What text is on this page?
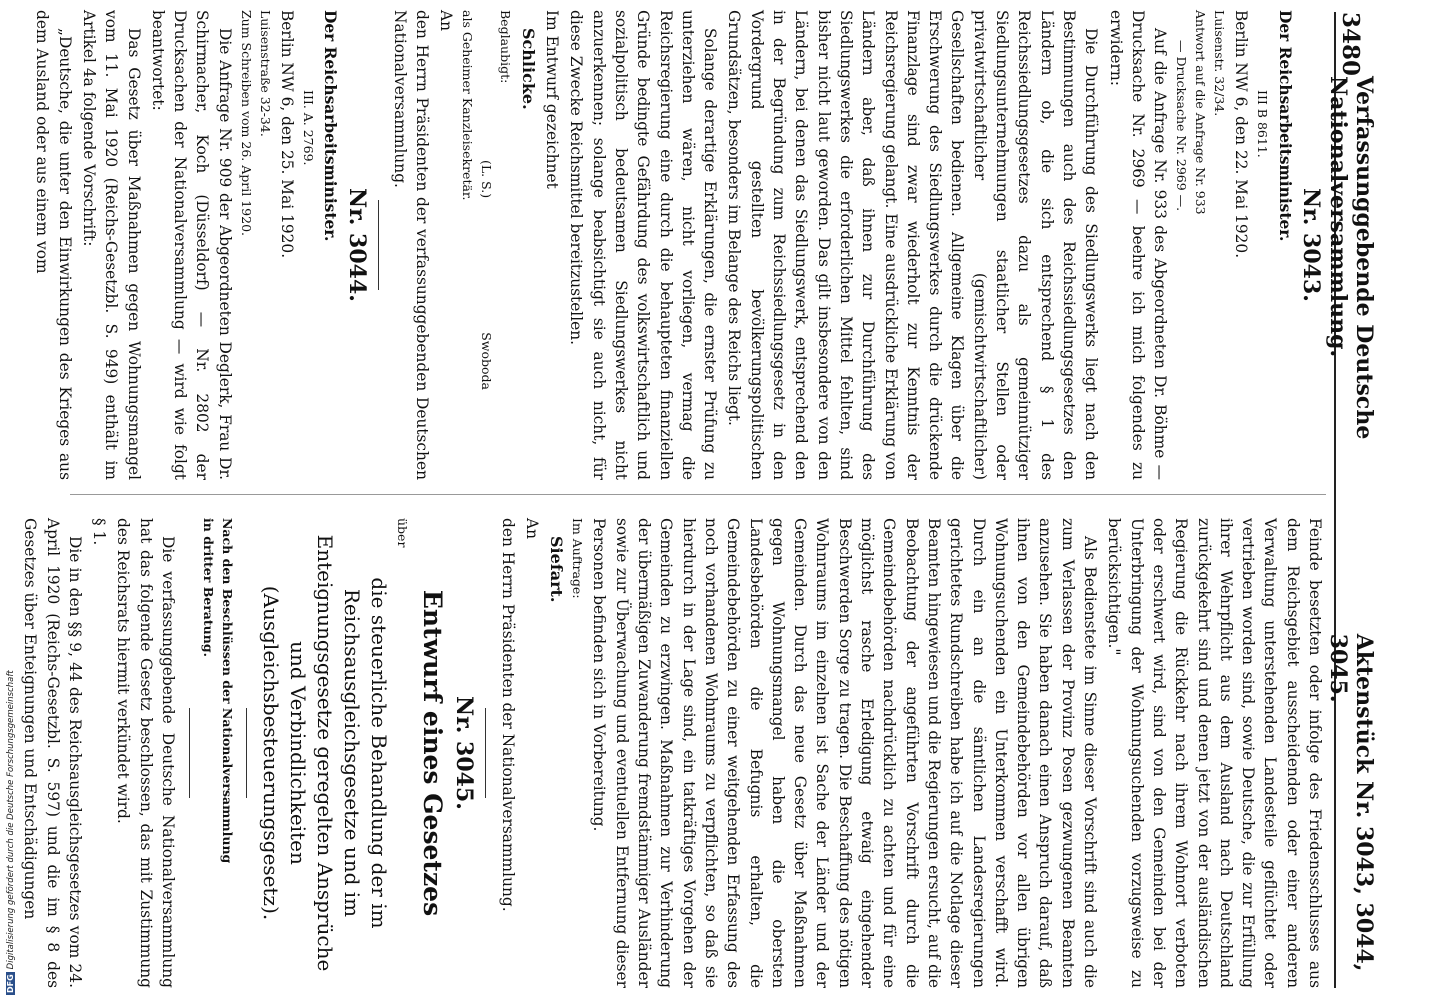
3480
Verfassunggebende Deutsche Nationalversammlung.
Aktenstück Nr. 3043, 3044, 3045.
Nr. 3043.

Der Reichsarbeitsminister.

III B 8611.

Berlin NW 6, den 22. Mai 1920.

Luisenstr. 32/34.

Antwort auf die Anfrage Nr. 933

— Drucksache Nr. 2969 —.

Auf die Anfrage Nr. 933 des Abgeordneten Dr. Böhme — Drucksache Nr. 2969 — beehre ich mich folgendes zu erwidern:

Die Durchführung des Siedlungswerks liegt nach den Bestimmungen auch des Reichssiedlungsgesetzes den Ländern ob, die sich entsprechend § 1 des Reichssiedlungsgesetzes dazu als gemeinnütziger Siedlungsunternehmungen staatlicher Stellen oder privatwirtschaftlicher (gemischtwirtschaftlicher) Gesellschaften bedienen. Allgemeine Klagen über die Erschwerung des Siedlungswerkes durch die drückende Finanzlage sind zwar wiederholt zur Kenntnis der Reichsregierung gelangt. Eine ausdrückliche Erklärung von Ländern aber, daß ihnen zur Durchführung des Siedlungswerkes die erforderlichen Mittel fehlten, sind bisher nicht laut geworden. Das gilt insbesondere von den Ländern, bei denen das Siedlungswerk, entsprechend den in der Begründung zum Reichssiedlungsgesetz in den Vordergrund gestellten bevölkerungspolitischen Grundsätzen, besonders im Belange des Reichs liegt.

Solange derartige Erklärungen, die ernster Prüfung zu unterziehen wären, nicht vorliegen, vermag die Reichsregierung eine durch die behaupteten finanziellen Gründe bedingte Gefährdung des volkswirtschaftlich und sozialpolitisch bedeutsamen Siedlungswerkes nicht anzuerkennen; solange beabsichtigt sie auch nicht, für diese Zwecke Reichsmittel bereitzustellen.

Im Entwurf gezeichnet

Schlicke.

Beglaubigt:

(L. S.)
Swoboda

als Geheimer Kanzleisekretär.

An

den Herrn Präsidenten der verfassunggebenden Deutschen Nationalversammlung.

Nr. 3044.

Der Reichsarbeitsminister.

III. A. 2769.

Berlin NW 6, den 25. Mai 1920.

Luisenstraße 32-34.

Zum Schreiben vom 26. April 1920.

Die Anfrage Nr. 909 der Abgeordneten Deglerk, Frau Dr. Schirmacher, Koch (Düsseldorf) — Nr. 2802 der Drucksachen der Nationalversammlung — wird wie folgt beantwortet:

Das Gesetz über Maßnahmen gegen Wohnungsmangel vom 11. Mai 1920 (Reichs-Gesetzbl. S. 949) enthält im Artikel 4a folgende Vorschrift:

„Deutsche, die unter den Einwirkungen des Krieges aus dem Ausland oder aus einem vom

Feinde besetzten oder infolge des Friedensschlusses aus dem Reichsgebiet ausscheidenden oder einer anderen Verwaltung unterstehenden Landesteile geflüchtet oder vertrieben worden sind, sowie Deutsche, die zur Erfüllung ihrer Wehrpflicht aus dem Ausland nach Deutschland zurückgekehrt sind und denen jetzt von der ausländischen Regierung die Rückkehr nach ihrem Wohnort verboten oder erschwert wird, sind von den Gemeinden bei der Unterbringung der Wohnungsuchenden vorzugsweise zu berücksichtigen."

Als Bedienstete im Sinne dieser Vorschrift sind auch die zum Verlassen der Provinz Posen gezwungenen Beamten anzusehen. Sie haben danach einen Anspruch darauf, daß ihnen von den Gemeindebehörden vor allen übrigen Wohnungsuchenden ein Unterkommen verschafft wird. Durch ein an die sämtlichen Landesregierungen gerichtetes Rundschreiben habe ich auf die Notlage dieser Beamten hingewiesen und die Regierungen ersucht, auf die Beobachtung der angeführten Vorschrift durch die Gemeindebehörden nachdrücklich zu achten und für eine möglichst rasche Erledigung etwaig eingehender Beschwerden Sorge zu tragen. Die Beschaffung des nötigen Wohnraums im einzelnen ist Sache der Länder und der Gemeinden. Durch das neue Gesetz über Maßnahmen gegen Wohnungsmangel haben die obersten Landesbehörden die Befugnis erhalten, die Gemeindebehörden zu einer weitgehenden Erfassung des noch vorhandenen Wohnraums zu verpflichten, so daß sie hierdurch in der Lage sind, ein tatkräftiges Vorgehen der Gemeinden zu erzwingen. Maßnahmen zur Verhinderung der übermäßigen Zuwanderung fremdstämmiger Ausländer sowie zur Überwachung und eventuellen Entfernung dieser Personen befinden sich in Vorbereitung.

Im Auftrage:

Siefart.

An

den Herrn Präsidenten der Nationalversammlung.

Nr. 3045.
Entwurf eines Gesetzes

über

die steuerliche Behandlung der im Reichsausgleichsgesetze und im Enteignungsgesetze geregelten Ansprüche und Verbindlichkeiten
(Ausgleichsbesteuerungsgesetz).

Nach den Beschlüssen der Nationalversammlung

in dritter Beratung.

Die verfassunggebende Deutsche Nationalversammlung hat das folgende Gesetz beschlossen, das mit Zustimmung des Reichsrats hiermit verkündet wird.

§ 1.

Die in den §§ 9, 44 des Reichsausgleichsgesetzes vom 24. April 1920 (Reichs-Gesetzbl. S. 597) und die im § 8 des Gesetzes über Enteignungen und Entschädigungen

DFGDigitalisierung gefördert durch die Deutsche Forschungsgemeinschaft
